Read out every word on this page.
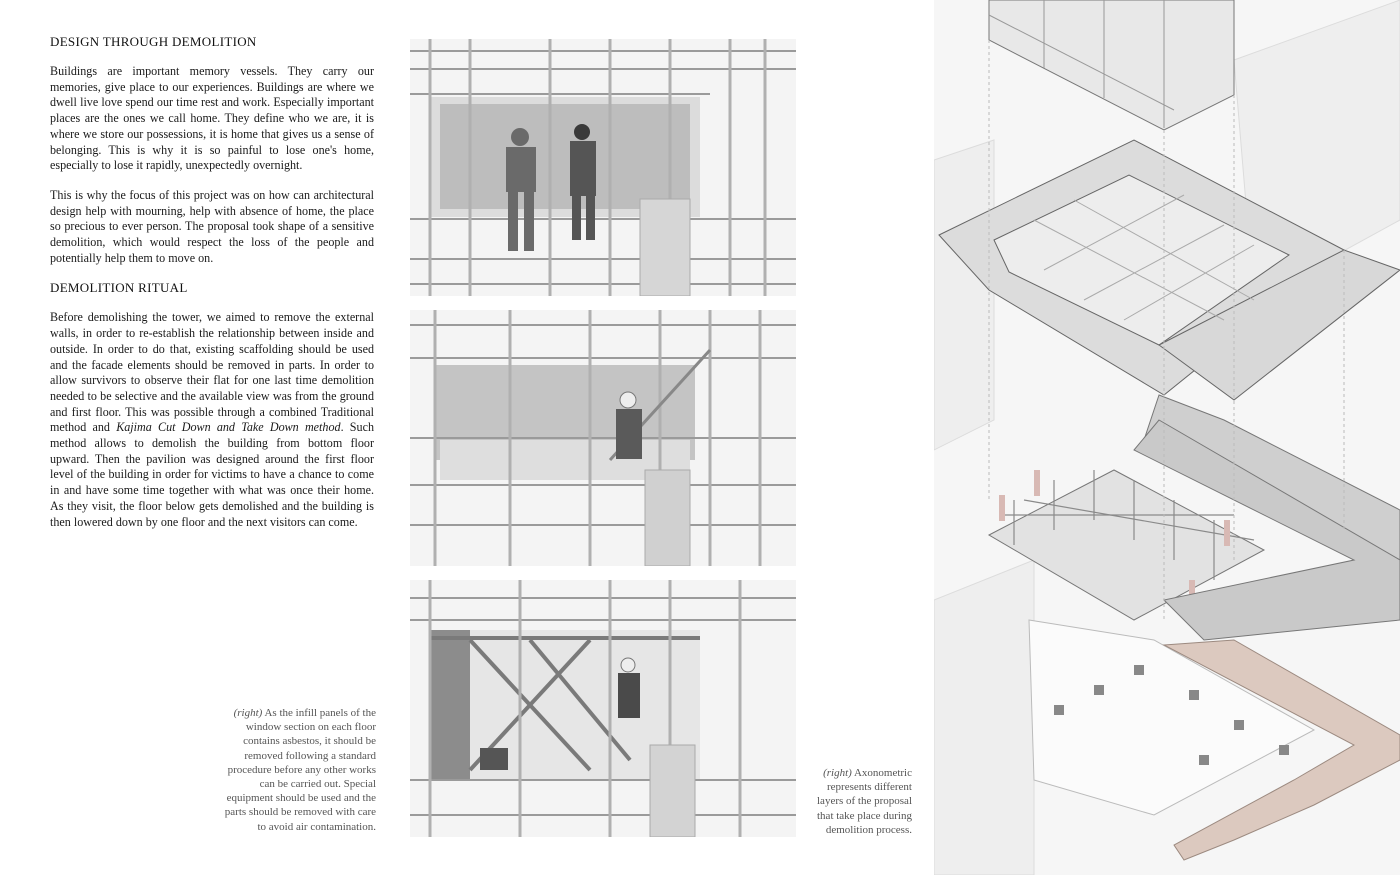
DESIGN THROUGH DEMOLITION

Buildings are important memory vessels. They carry our memories, give place to our experiences. Buildings are where we dwell live love spend our time rest and work. Especially important places are the ones we call home. They define who we are, it is where we store our possessions, it is home that gives us a sense of belonging. This is why it is so painful to lose one's home, especially to lose it rapidly, unexpectedly overnight.

This is why the focus of this project was on how can architectural design help with mourning, help with absence of home, the place so precious to ever person. The proposal took shape of a sensitive demolition, which would respect the loss of the people and potentially help them to move on.

DEMOLITION RITUAL

Before demolishing the tower, we aimed to remove the external walls, in order to re-establish the relationship between inside and outside. In order to do that, existing scaffolding should be used and the facade elements should be removed in parts. In order to allow survivors to observe their flat for one last time demolition needed to be selective and the available view was from the ground and first floor. This was possible through a combined Traditional method and Kajima Cut Down and Take Down method. Such method allows to demolish the building from bottom floor upward. Then the pavilion was designed around the first floor level of the building in order for victims to have a chance to come in and have some time together with what was once their home. As they visit, the floor below gets demolished and the building is then lowered down by one floor and the next visitors can come.

(right) As the infill panels of the window section on each floor contains asbestos, it should be removed following a standard procedure before any other works can be carried out. Special equipment should be used and the parts should be removed with care to avoid air contamination.
(right) Axonometric represents different layers of the proposal that take place during demolition process.
